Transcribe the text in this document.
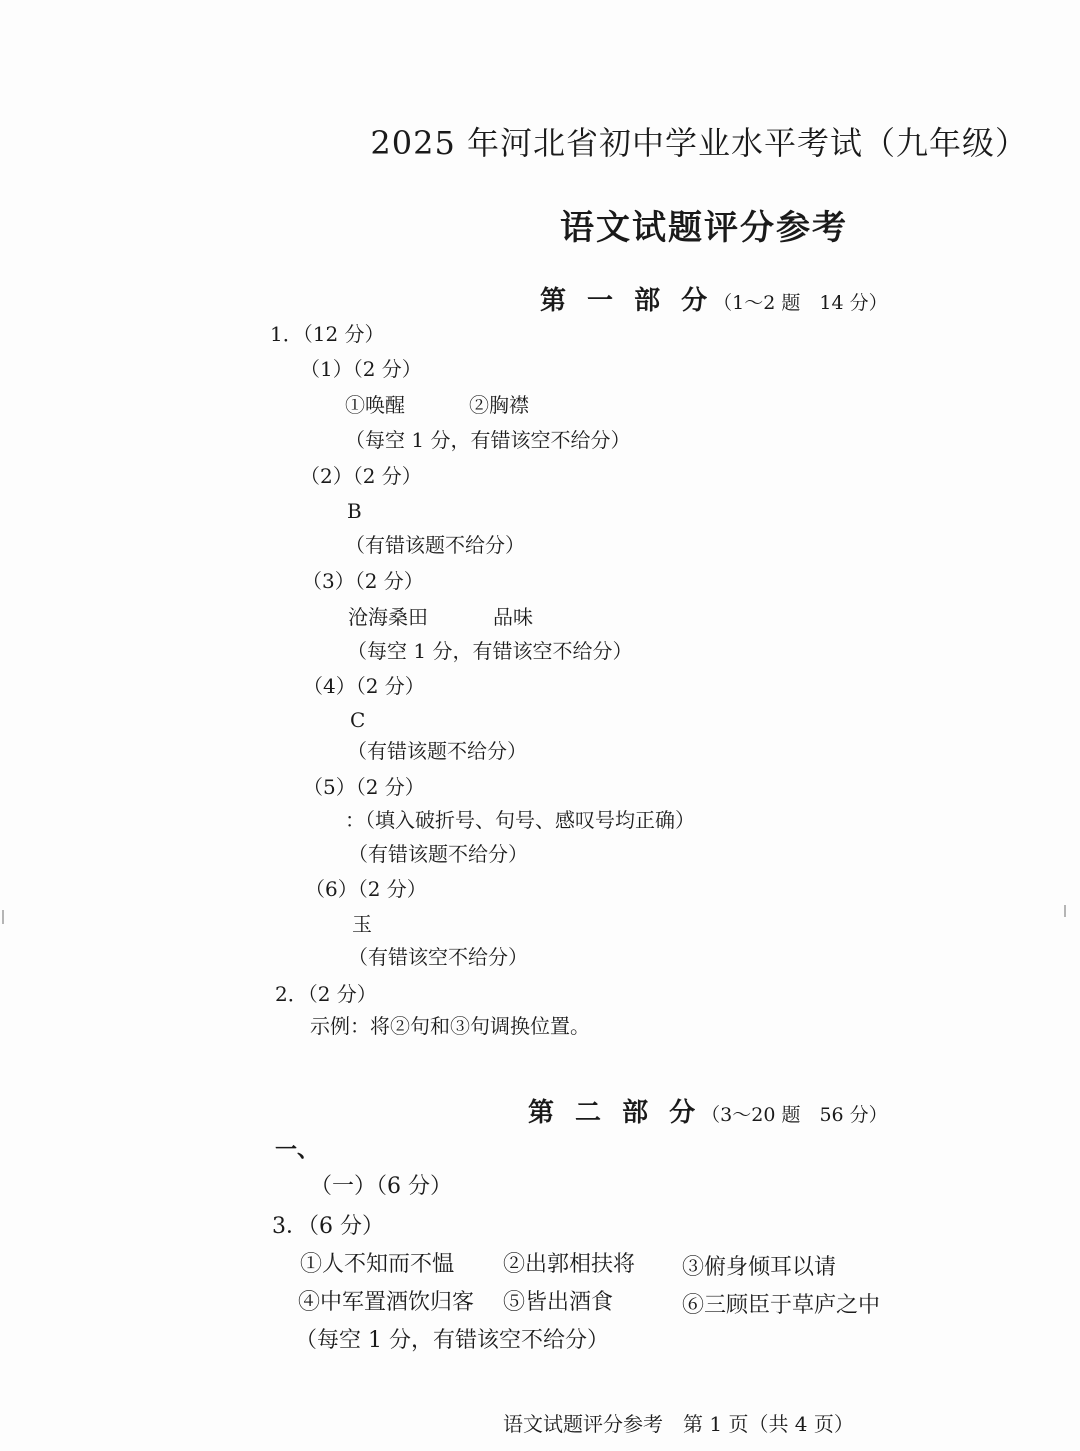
2025 年河北省初中学业水平考试（九年级）
语文试题评分参考
第 一 部 分（1～2 题　14 分）
1．（12 分）
（1）（2 分）
①唤醒	②胸襟
（每空 1 分，有错该空不给分）
（2）（2 分）
B
（有错该题不给分）
（3）（2 分）
沧海桑田	品味
（每空 1 分，有错该空不给分）
（4）（2 分）
C
（有错该题不给分）
（5）（2 分）
：（填入破折号、句号、感叹号均正确）
（有错该题不给分）
（6）（2 分）
玉
（有错该空不给分）
2．（2 分）
示例：将②句和③句调换位置。
第 二 部 分（3～20 题　56 分）
一、
（一）（6 分）
3．（6 分）
①人不知而不愠 ②出郭相扶将 ③俯身倾耳以请
④中军置酒饮归客 ⑤皆出酒食	⑥三顾臣于草庐之中
（每空 1 分，有错该空不给分）
语文试题评分参考　第 1 页（共 4 页）
